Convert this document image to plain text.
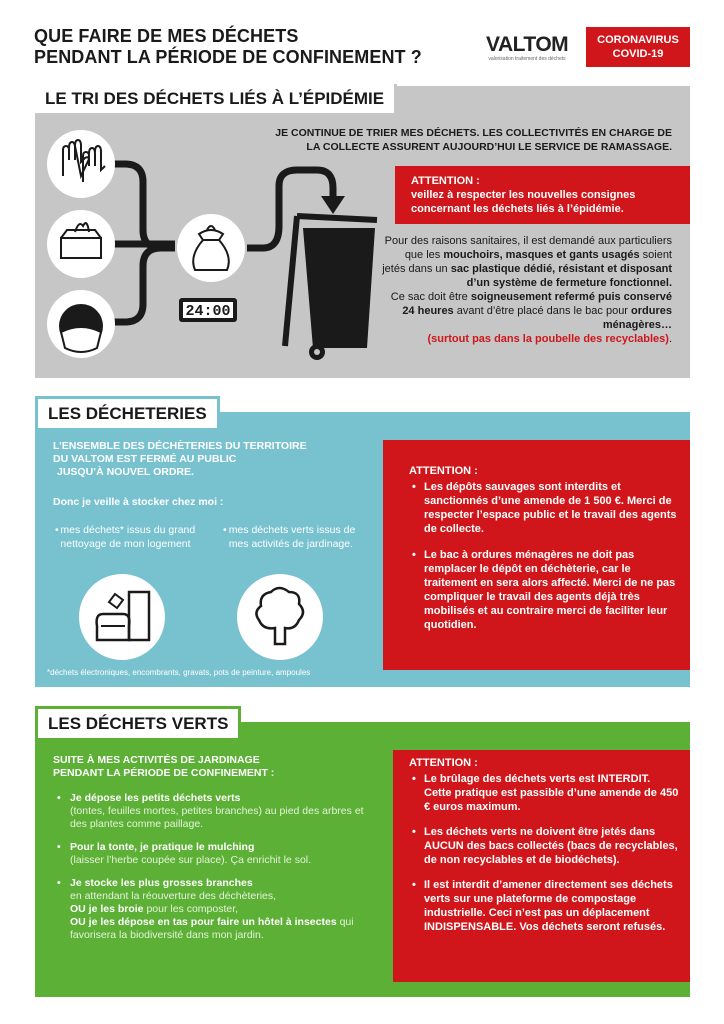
QUE FAIRE DE MES DÉCHETS
PENDANT LA PÉRIODE DE CONFINEMENT ?
VALTOM
valorisation traitement des déchets
CORONAVIRUS
COVID-19
LE TRI DES DÉCHETS LIÉS À L’ÉPIDÉMIE
24:00
JE CONTINUE DE TRIER MES DÉCHETS. LES COLLECTIVITÉS EN CHARGE DE LA COLLECTE ASSURENT AUJOURD’HUI LE SERVICE DE RAMASSAGE.
ATTENTION :
veillez à respecter les nouvelles consignes concernant les déchets liés à l’épidémie.

Pour des raisons sanitaires, il est demandé aux particuliers que les mouchoirs, masques et gants usagés soient jetés dans un sac plastique dédié, résistant et disposant d’un système de fermeture fonctionnel.

Ce sac doit être soigneusement refermé puis conservé 24 heures avant d’être placé dans le bac pour ordures ménagères…
(surtout pas dans la poubelle des recyclables).

LES DÉCHETERIES
L’ENSEMBLE DES DÉCHÈTERIES DU TERRITOIRE
DU VALTOM EST FERMÉ AU PUBLIC
JUSQU’À NOUVEL ORDRE.
Donc je veille à stocker chez moi :
• mes déchets* issus du grand nettoyage de mon logement
• mes déchets verts issus de mes activités de jardinage.
*déchets électroniques, encombrants, gravats, pots de peinture, ampoules
ATTENTION :
• Les dépôts sauvages sont interdits et sanctionnés d’une amende de 1 500 €. Merci de respecter l’espace public et le travail des agents de collecte.
• Le bac à ordures ménagères ne doit pas remplacer le dépôt en déchèterie, car le traitement en sera alors affecté. Merci de ne pas compliquer le travail des agents déjà très mobilisés et au contraire merci de faciliter leur quotidien.
LES DÉCHETS VERTS
SUITE À MES ACTIVITÉS DE JARDINAGE
PENDANT LA PÉRIODE DE CONFINEMENT :
• Je dépose les petits déchets verts
(tontes, feuilles mortes, petites branches) au pied des arbres et des plantes comme paillage.
• Pour la tonte, je pratique le mulching
(laisser l’herbe coupée sur place). Ça enrichit le sol.
• Je stocke les plus grosses branches
en attendant la réouverture des déchèteries,
OU je les broie pour les composter,
OU je les dépose en tas pour faire un hôtel à insectes qui favorisera la biodiversité dans mon jardin.
ATTENTION :
• Le brûlage des déchets verts est INTERDIT. Cette pratique est passible d’une amende de 450 € euros maximum.
• Les déchets verts ne doivent être jetés dans AUCUN des bacs collectés (bacs de recyclables, de non recyclables et de biodéchets).
• Il est interdit d’amener directement ses déchets verts sur une plateforme de compostage industrielle. Ceci n’est pas un déplacement INDISPENSABLE. Vos déchets seront refusés.
